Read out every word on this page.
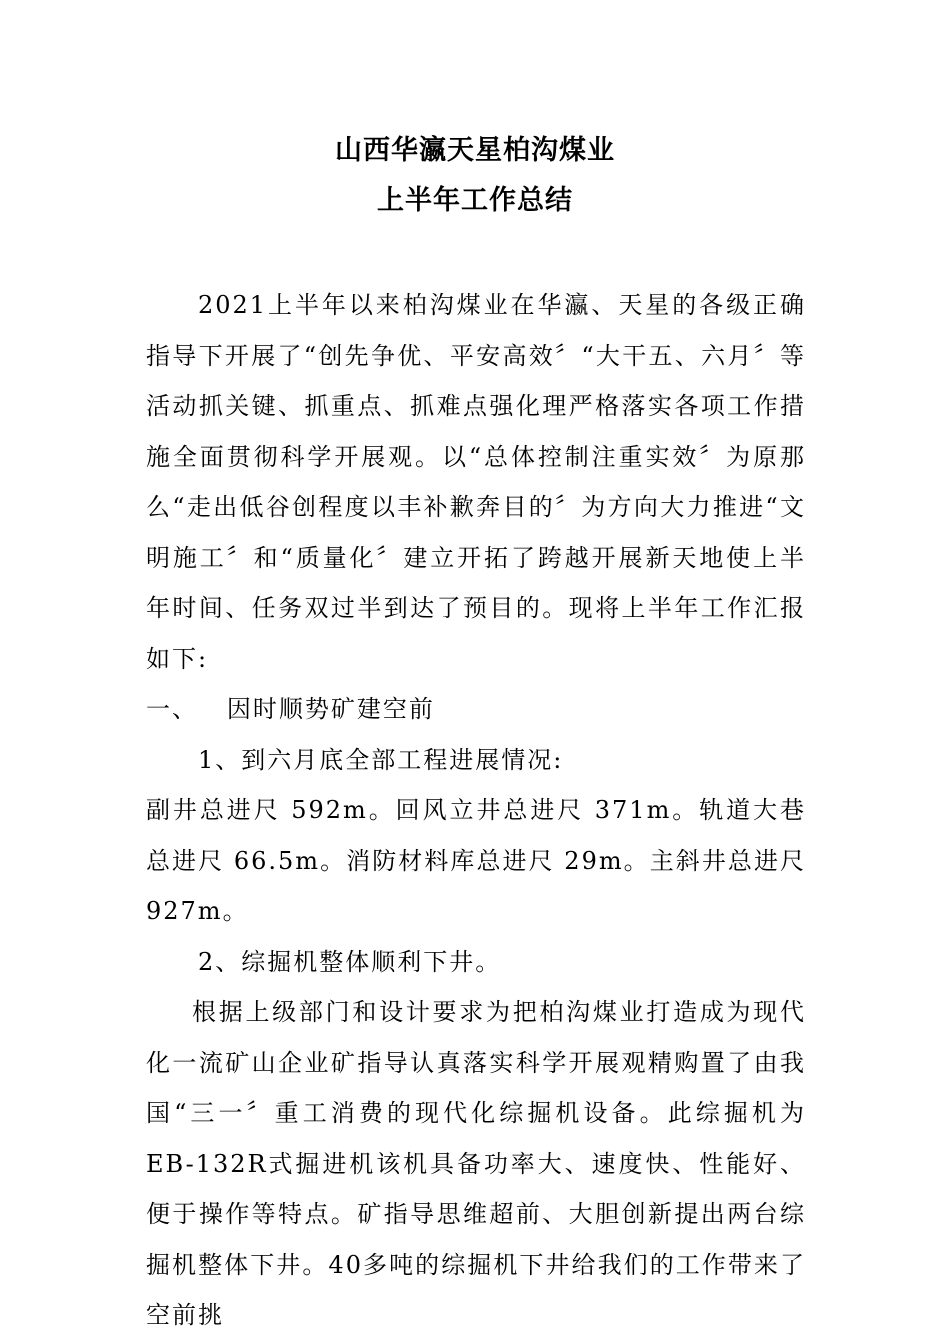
山西华瀛天星柏沟煤业
上半年工作总结

2021上半年以来柏沟煤业在华瀛、天星的各级正确指导下开展了“创先争优、平安高效〞“大干五、六月〞等活动抓关键、抓重点、抓难点强化理严格落实各项工作措施全面贯彻科学开展观。以“总体控制注重实效〞为原那么“走出低谷创程度以丰补歉奔目的〞为方向大力推进“文明施工〞和“质量化〞建立开拓了跨越开展新天地使上半年时间、任务双过半到达了预目的。现将上半年工作汇报如下:

一、   因时顺势矿建空前

1、到六月底全部工程进展情况:

副井总进尺 592m。回风立井总进尺 371m。轨道大巷总进尺 66.5m。消防材料库总进尺 29m。主斜井总进尺 927m。

2、综掘机整体顺利下井。

根据上级部门和设计要求为把柏沟煤业打造成为现代化一流矿山企业矿指导认真落实科学开展观精购置了由我国“三一〞重工消费的现代化综掘机设备。此综掘机为EB-132R式掘进机该机具备功率大、速度快、性能好、便于操作等特点。矿指导思维超前、大胆创新提出两台综掘机整体下井。40多吨的综掘机下井给我们的工作带来了空前挑
